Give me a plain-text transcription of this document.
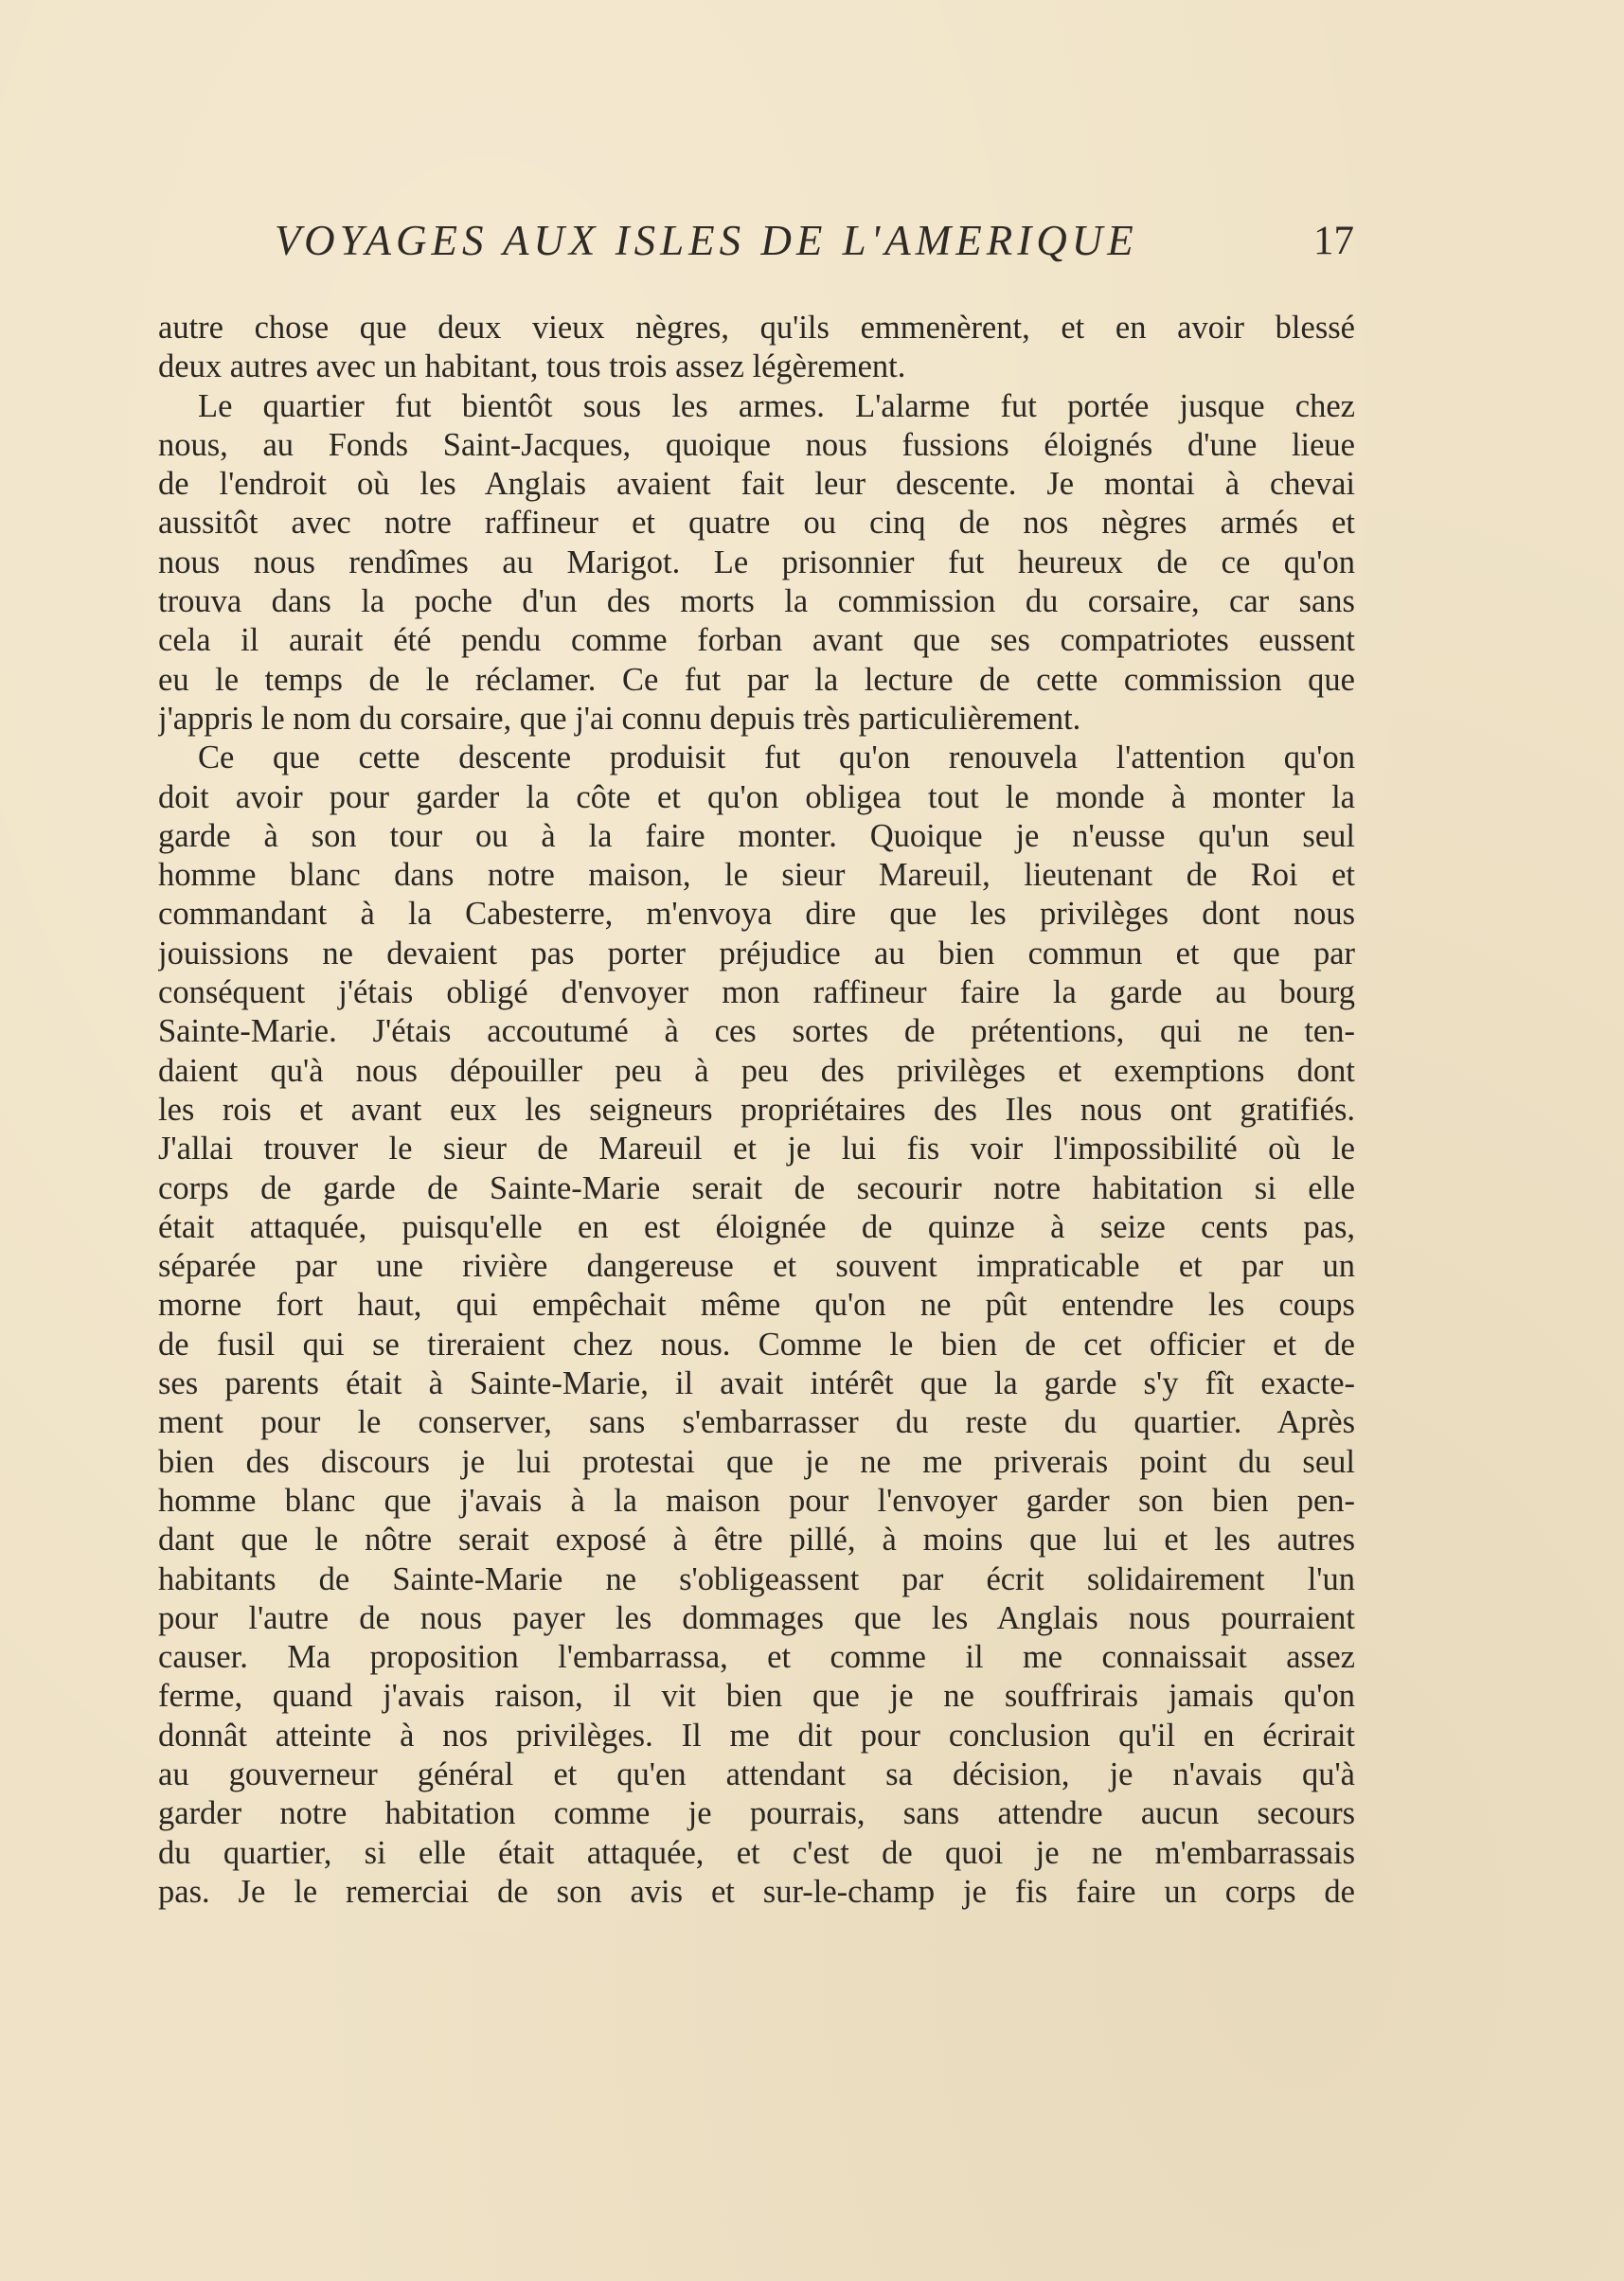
VOYAGES AUX ISLES DE L'AMERIQUE	17
autre chose que deux vieux nègres, qu'ils emmenèrent, et en avoir blessé
deux autres avec un habitant, tous trois assez légèrement.
Le quartier fut bientôt sous les armes. L'alarme fut portée jusque chez
nous, au Fonds Saint-Jacques, quoique nous fussions éloignés d'une lieue
de l'endroit où les Anglais avaient fait leur descente. Je montai à chevai
aussitôt avec notre raffineur et quatre ou cinq de nos nègres armés et
nous nous rendîmes au Marigot. Le prisonnier fut heureux de ce qu'on
trouva dans la poche d'un des morts la commission du corsaire, car sans
cela il aurait été pendu comme forban avant que ses compatriotes eussent
eu le temps de le réclamer. Ce fut par la lecture de cette commission que
j'appris le nom du corsaire, que j'ai connu depuis très particulièrement.
Ce que cette descente produisit fut qu'on renouvela l'attention qu'on
doit avoir pour garder la côte et qu'on obligea tout le monde à monter la
garde à son tour ou à la faire monter. Quoique je n'eusse qu'un seul
homme blanc dans notre maison, le sieur Mareuil, lieutenant de Roi et
commandant à la Cabesterre, m'envoya dire que les privilèges dont nous
jouissions ne devaient pas porter préjudice au bien commun et que par
conséquent j'étais obligé d'envoyer mon raffineur faire la garde au bourg
Sainte-Marie. J'étais accoutumé à ces sortes de prétentions, qui ne ten-
daient qu'à nous dépouiller peu à peu des privilèges et exemptions dont
les rois et avant eux les seigneurs propriétaires des Iles nous ont gratifiés.
J'allai trouver le sieur de Mareuil et je lui fis voir l'impossibilité où le
corps de garde de Sainte-Marie serait de secourir notre habitation si elle
était attaquée, puisqu'elle en est éloignée de quinze à seize cents pas,
séparée par une rivière dangereuse et souvent impraticable et par un
morne fort haut, qui empêchait même qu'on ne pût entendre les coups
de fusil qui se tireraient chez nous. Comme le bien de cet officier et de
ses parents était à Sainte-Marie, il avait intérêt que la garde s'y fît exacte-
ment pour le conserver, sans s'embarrasser du reste du quartier. Après
bien des discours je lui protestai que je ne me priverais point du seul
homme blanc que j'avais à la maison pour l'envoyer garder son bien pen-
dant que le nôtre serait exposé à être pillé, à moins que lui et les autres
habitants de Sainte-Marie ne s'obligeassent par écrit solidairement l'un
pour l'autre de nous payer les dommages que les Anglais nous pourraient
causer. Ma proposition l'embarrassa, et comme il me connaissait assez
ferme, quand j'avais raison, il vit bien que je ne souffrirais jamais qu'on
donnât atteinte à nos privilèges. Il me dit pour conclusion qu'il en écrirait
au gouverneur général et qu'en attendant sa décision, je n'avais qu'à
garder notre habitation comme je pourrais, sans attendre aucun secours
du quartier, si elle était attaquée, et c'est de quoi je ne m'embarrassais
pas. Je le remerciai de son avis et sur-le-champ je fis faire un corps de
